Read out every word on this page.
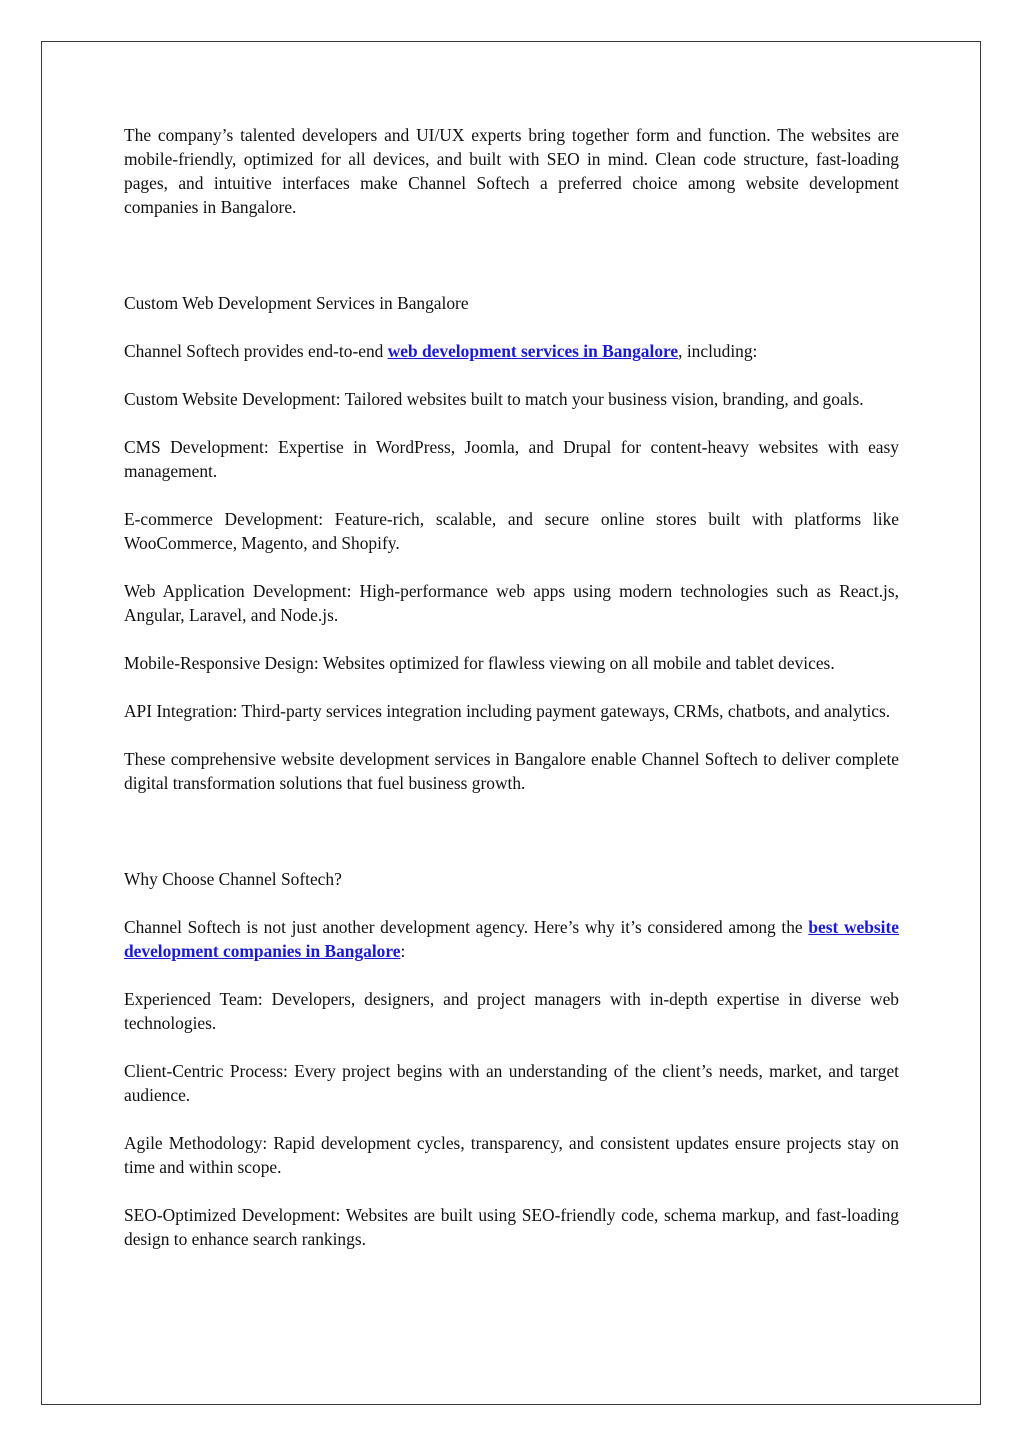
The company’s talented developers and UI/UX experts bring together form and function. The websites are mobile-friendly, optimized for all devices, and built with SEO in mind. Clean code structure, fast-loading pages, and intuitive interfaces make Channel Softech a preferred choice among website development companies in Bangalore.

Custom Web Development Services in Bangalore

Channel Softech provides end-to-end web development services in Bangalore, including:

Custom Website Development: Tailored websites built to match your business vision, branding, and goals.

CMS Development: Expertise in WordPress, Joomla, and Drupal for content-heavy websites with easy management.

E-commerce Development: Feature-rich, scalable, and secure online stores built with platforms like WooCommerce, Magento, and Shopify.

Web Application Development: High-performance web apps using modern technologies such as React.js, Angular, Laravel, and Node.js.

Mobile-Responsive Design: Websites optimized for flawless viewing on all mobile and tablet devices.

API Integration: Third-party services integration including payment gateways, CRMs, chatbots, and analytics.

These comprehensive website development services in Bangalore enable Channel Softech to deliver complete digital transformation solutions that fuel business growth.

Why Choose Channel Softech?

Channel Softech is not just another development agency. Here’s why it’s considered among the best website development companies in Bangalore:

Experienced Team: Developers, designers, and project managers with in-depth expertise in diverse web technologies.

Client-Centric Process: Every project begins with an understanding of the client’s needs, market, and target audience.

Agile Methodology: Rapid development cycles, transparency, and consistent updates ensure projects stay on time and within scope.

SEO-Optimized Development: Websites are built using SEO-friendly code, schema markup, and fast-loading design to enhance search rankings.
